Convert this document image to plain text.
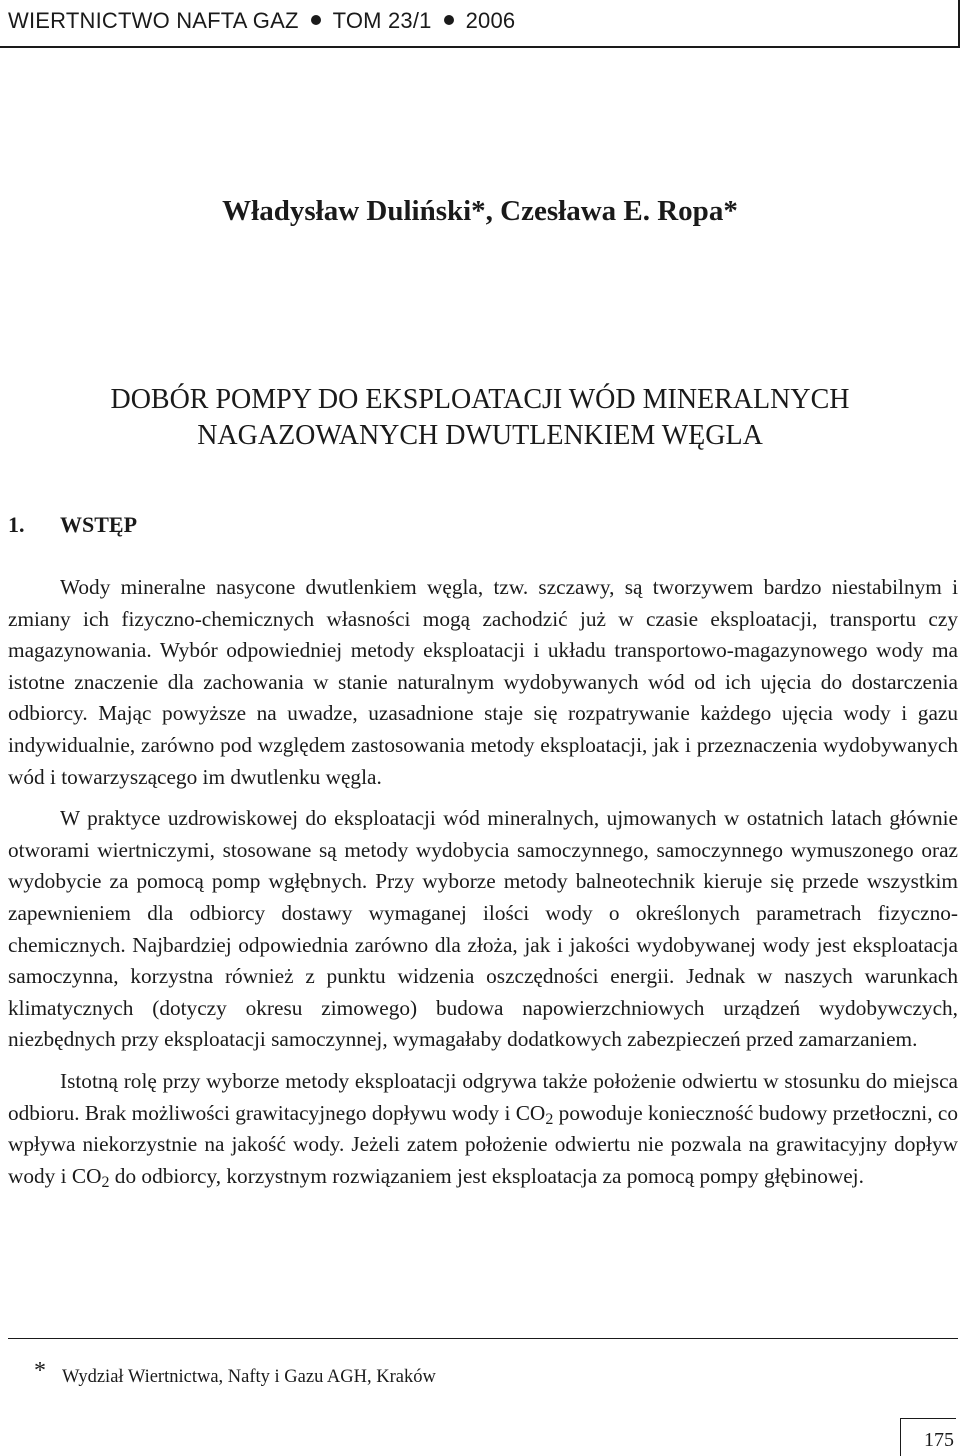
WIERTNICTWO NAFTA GAZ TOM 23/1 2006
Władysław Duliński*, Czesława E. Ropa*
DOBÓR POMPY DO EKSPLOATACJI WÓD MINERALNYCH
NAGAZOWANYCH DWUTLENKIEM WĘGLA
1. WSTĘP

Wody mineralne nasycone dwutlenkiem węgla, tzw. szczawy, są tworzywem bardzo niestabilnym i zmiany ich fizyczno-chemicznych własności mogą zachodzić już w czasie eksploatacji, transportu czy magazynowania. Wybór odpowiedniej metody eksploatacji i układu transportowo-magazynowego wody ma istotne znaczenie dla zachowania w stanie naturalnym wydobywanych wód od ich ujęcia do dostarczenia odbiorcy. Mając powyższe na uwadze, uzasadnione staje się rozpatrywanie każdego ujęcia wody i gazu indywidualnie, zarówno pod względem zastosowania metody eksploatacji, jak i przeznaczenia wydobywanych wód i towarzyszącego im dwutlenku węgla.

W praktyce uzdrowiskowej do eksploatacji wód mineralnych, ujmowanych w ostatnich latach głównie otworami wiertniczymi, stosowane są metody wydobycia samoczynnego, samoczynnego wymuszonego oraz wydobycie za pomocą pomp wgłębnych. Przy wyborze metody balneotechnik kieruje się przede wszystkim zapewnieniem dla odbiorcy dostawy wymaganej ilości wody o określonych parametrach fizyczno-chemicznych. Najbardziej odpowiednia zarówno dla złoża, jak i jakości wydobywanej wody jest eksploatacja samoczynna, korzystna również z punktu widzenia oszczędności energii. Jednak w naszych warunkach klimatycznych (dotyczy okresu zimowego) budowa napowierzchniowych urządzeń wydobywczych, niezbędnych przy eksploatacji samoczynnej, wymagałaby dodatkowych zabezpieczeń przed zamarzaniem.

Istotną rolę przy wyborze metody eksploatacji odgrywa także położenie odwiertu w stosunku do miejsca odbioru. Brak możliwości grawitacyjnego dopływu wody i $CO_2$ powoduje konieczność budowy przetłoczni, co wpływa niekorzystnie na jakość wody. Jeżeli zatem położenie odwiertu nie pozwala na grawitacyjny dopływ wody i $CO_2$ do odbiorcy, korzystnym rozwiązaniem jest eksploatacja za pomocą pompy głębinowej.

* Wydział Wiertnictwa, Nafty i Gazu AGH, Kraków
175
